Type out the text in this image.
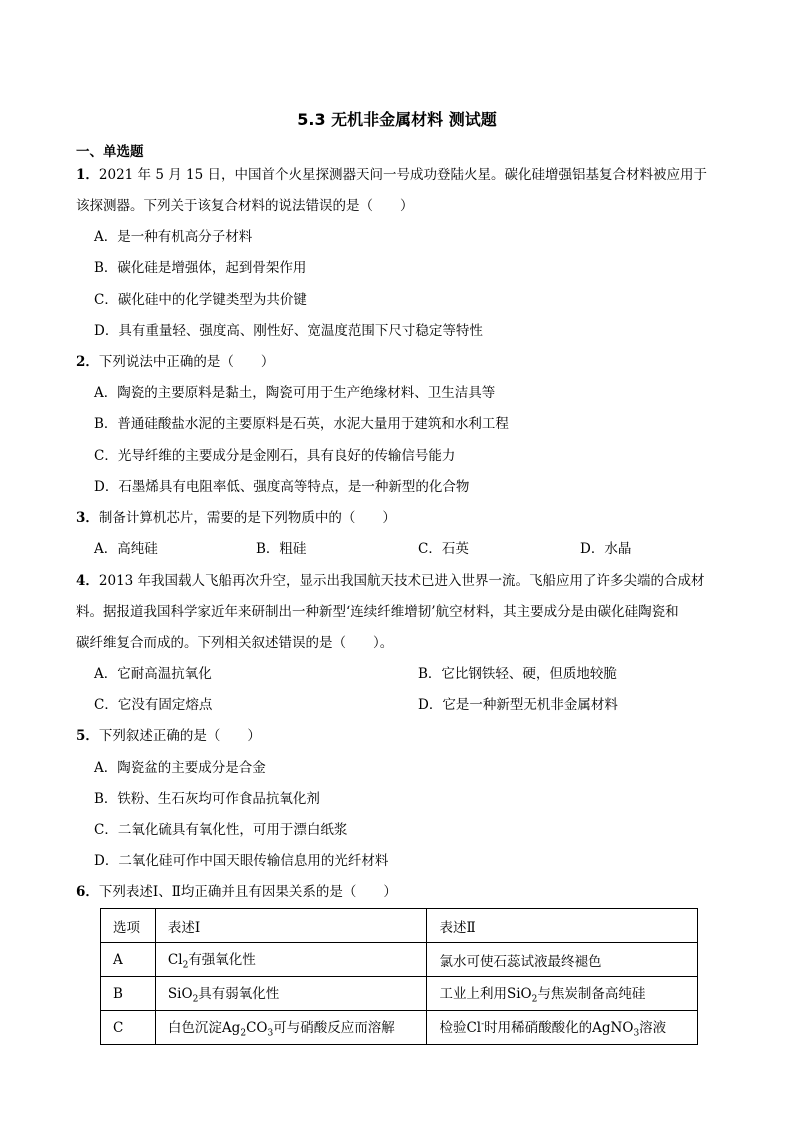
5.3 无机非金属材料 测试题
一、单选题
1．2021 年 5 月 15 日，中国首个火星探测器天问一号成功登陆火星。碳化硅增强铝基复合材料被应用于
该探测器。下列关于该复合材料的说法错误的是（　　）
A．是一种有机高分子材料
B．碳化硅是增强体，起到骨架作用
C．碳化硅中的化学键类型为共价键
D．具有重量轻、强度高、刚性好、宽温度范围下尺寸稳定等特性
2．下列说法中正确的是（　　）
A．陶瓷的主要原料是黏土，陶瓷可用于生产绝缘材料、卫生洁具等
B．普通硅酸盐水泥的主要原料是石英，水泥大量用于建筑和水利工程
C．光导纤维的主要成分是金刚石，具有良好的传输信号能力
D．石墨烯具有电阻率低、强度高等特点，是一种新型的化合物
3．制备计算机芯片，需要的是下列物质中的（　　）
A．高纯硅	B．粗硅	C．石英	D．水晶
4．2013 年我国载人飞船再次升空，显示出我国航天技术已进入世界一流。飞船应用了许多尖端的合成材
料。据报道我国科学家近年来研制出一种新型‘连续纤维增韧’航空材料，其主要成分是由碳化硅陶瓷和
碳纤维复合而成的。下列相关叙述错误的是（　　）。
A．它耐高温抗氧化	B．它比钢铁轻、硬，但质地较脆
C．它没有固定熔点	D．它是一种新型无机非金属材料
5．下列叙述正确的是（　　）
A．陶瓷盆的主要成分是合金
B．铁粉、生石灰均可作食品抗氧化剂
C．二氧化硫具有氧化性，可用于漂白纸浆
D．二氧化硅可作中国天眼传输信息用的光纤材料
6．下列表述Ⅰ、Ⅱ均正确并且有因果关系的是（　　）
选项	表述Ⅰ	表述Ⅱ
A	$Cl_2$有强氧化性	氯水可使石蕊试液最终褪色
B	SiO$_2$具有弱氧化性	工业上利用SiO$_2$与焦炭制备高纯硅
C	白色沉淀$Ag_2CO_3$可与硝酸反应而溶解	检验Cl-时用稀硝酸酸化的AgNO$_3$溶液
